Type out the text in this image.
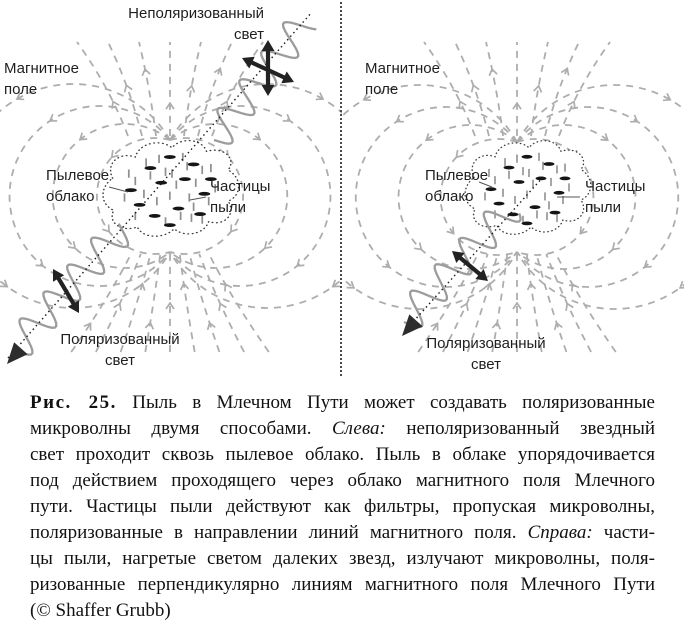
Неполяризованный
свет
Магнитное
поле
Пылевое
облако
Частицы
пыли
Поляризованный
свет
Магнитное
поле
Пылевое
облако
Частицы
пыли
Поляризованный
свет
Рис. 25. Пыль в Млечном Пути может создавать поляризованные
микроволны двумя способами. Слева: неполяризованный звездный
свет проходит сквозь пылевое облако. Пыль в облаке упорядочивается
под действием проходящего через облако магнитного поля Млечного
пути. Частицы пыли действуют как фильтры, пропуская микроволны,
поляризованные в направлении линий магнитного поля. Справа: части-
цы пыли, нагретые светом далеких звезд, излучают микроволны, поля-
ризованные перпендикулярно линиям магнитного поля Млечного Пути
(© Shaffer Grubb)
